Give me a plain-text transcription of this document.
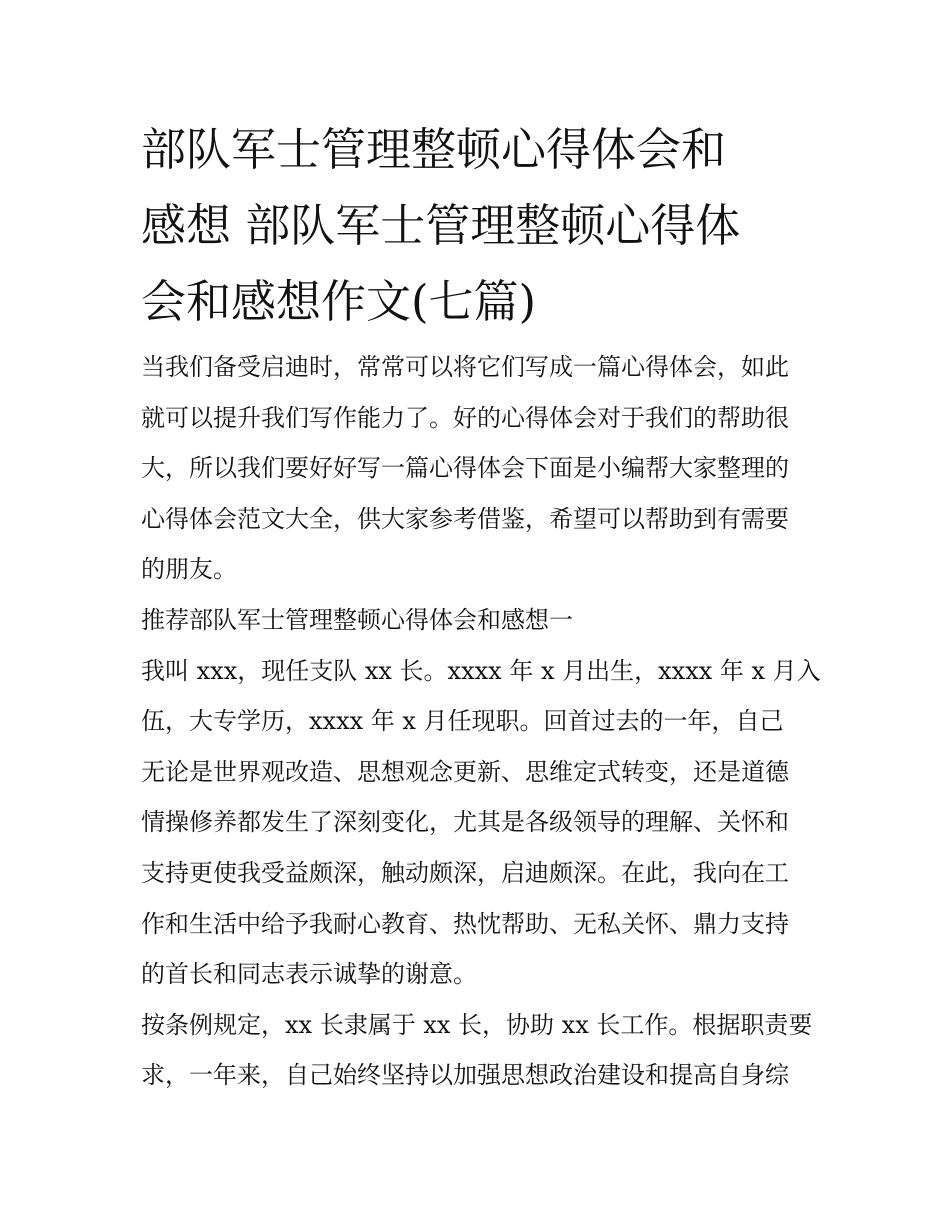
部队军士管理整顿心得体会和
感想 部队军士管理整顿心得体
会和感想作文(七篇)
当我们备受启迪时，常常可以将它们写成一篇心得体会，如此
就可以提升我们写作能力了。好的心得体会对于我们的帮助很
大，所以我们要好好写一篇心得体会下面是小编帮大家整理的
心得体会范文大全，供大家参考借鉴，希望可以帮助到有需要
的朋友。
推荐部队军士管理整顿心得体会和感想一
我叫 xxx，现任支队 xx 长。xxxx 年 x 月出生，xxxx 年 x 月入
伍，大专学历，xxxx 年 x 月任现职。回首过去的一年，自己
无论是世界观改造、思想观念更新、思维定式转变，还是道德
情操修养都发生了深刻变化，尤其是各级领导的理解、关怀和
支持更使我受益颇深，触动颇深，启迪颇深。在此，我向在工
作和生活中给予我耐心教育、热忱帮助、无私关怀、鼎力支持
的首长和同志表示诚挚的谢意。
按条例规定，xx 长隶属于 xx 长，协助 xx 长工作。根据职责要
求，一年来，自己始终坚持以加强思想政治建设和提高自身综
